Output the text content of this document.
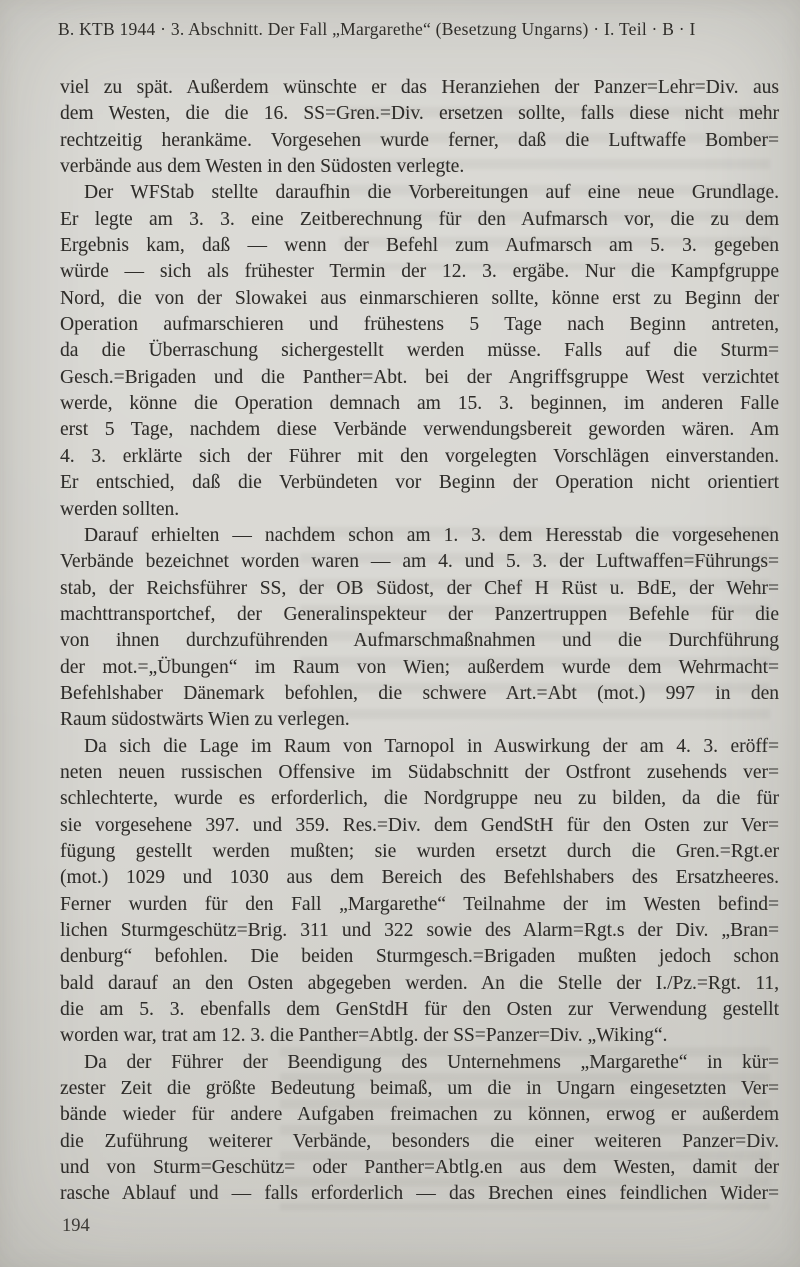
B. KTB 1944 · 3. Abschnitt. Der Fall „Margarethe“ (Besetzung Ungarns) · I. Teil · B · I
viel zu spät. Außerdem wünschte er das Heranziehen der Panzer=Lehr=Div. aus
dem Westen, die die 16. SS=Gren.=Div. ersetzen sollte, falls diese nicht mehr
rechtzeitig herankäme. Vorgesehen wurde ferner, daß die Luftwaffe Bomber=
verbände aus dem Westen in den Südosten verlegte.
Der WFStab stellte daraufhin die Vorbereitungen auf eine neue Grundlage.
Er legte am 3. 3. eine Zeitberechnung für den Aufmarsch vor, die zu dem
Ergebnis kam, daß — wenn der Befehl zum Aufmarsch am 5. 3. gegeben
würde — sich als frühester Termin der 12. 3. ergäbe. Nur die Kampfgruppe
Nord, die von der Slowakei aus einmarschieren sollte, könne erst zu Beginn der
Operation aufmarschieren und frühestens 5 Tage nach Beginn antreten,
da die Überraschung sichergestellt werden müsse. Falls auf die Sturm=
Gesch.=Brigaden und die Panther=Abt. bei der Angriffsgruppe West verzichtet
werde, könne die Operation demnach am 15. 3. beginnen, im anderen Falle
erst 5 Tage, nachdem diese Verbände verwendungsbereit geworden wären. Am
4. 3. erklärte sich der Führer mit den vorgelegten Vorschlägen einverstanden.
Er entschied, daß die Verbündeten vor Beginn der Operation nicht orientiert
werden sollten.
Darauf erhielten — nachdem schon am 1. 3. dem Heresstab die vorgesehenen
Verbände bezeichnet worden waren — am 4. und 5. 3. der Luftwaffen=Führungs=
stab, der Reichsführer SS, der OB Südost, der Chef H Rüst u. BdE, der Wehr=
machttransportchef, der Generalinspekteur der Panzertruppen Befehle für die
von ihnen durchzuführenden Aufmarschmaßnahmen und die Durchführung
der mot.=„Übungen“ im Raum von Wien; außerdem wurde dem Wehrmacht=
Befehlshaber Dänemark befohlen, die schwere Art.=Abt (mot.) 997 in den
Raum südostwärts Wien zu verlegen.
Da sich die Lage im Raum von Tarnopol in Auswirkung der am 4. 3. eröff=
neten neuen russischen Offensive im Südabschnitt der Ostfront zusehends ver=
schlechterte, wurde es erforderlich, die Nordgruppe neu zu bilden, da die für
sie vorgesehene 397. und 359. Res.=Div. dem GendStH für den Osten zur Ver=
fügung gestellt werden mußten; sie wurden ersetzt durch die Gren.=Rgt.er
(mot.) 1029 und 1030 aus dem Bereich des Befehlshabers des Ersatzheeres.
Ferner wurden für den Fall „Margarethe“ Teilnahme der im Westen befind=
lichen Sturmgeschütz=Brig. 311 und 322 sowie des Alarm=Rgt.s der Div. „Bran=
denburg“ befohlen. Die beiden Sturmgesch.=Brigaden mußten jedoch schon
bald darauf an den Osten abgegeben werden. An die Stelle der I./Pz.=Rgt. 11,
die am 5. 3. ebenfalls dem GenStdH für den Osten zur Verwendung gestellt
worden war, trat am 12. 3. die Panther=Abtlg. der SS=Panzer=Div. „Wiking“.
Da der Führer der Beendigung des Unternehmens „Margarethe“ in kür=
zester Zeit die größte Bedeutung beimaß, um die in Ungarn eingesetzten Ver=
bände wieder für andere Aufgaben freimachen zu können, erwog er außerdem
die Zuführung weiterer Verbände, besonders die einer weiteren Panzer=Div.
und von Sturm=Geschütz= oder Panther=Abtlg.en aus dem Westen, damit der
rasche Ablauf und — falls erforderlich — das Brechen eines feindlichen Wider=
194
